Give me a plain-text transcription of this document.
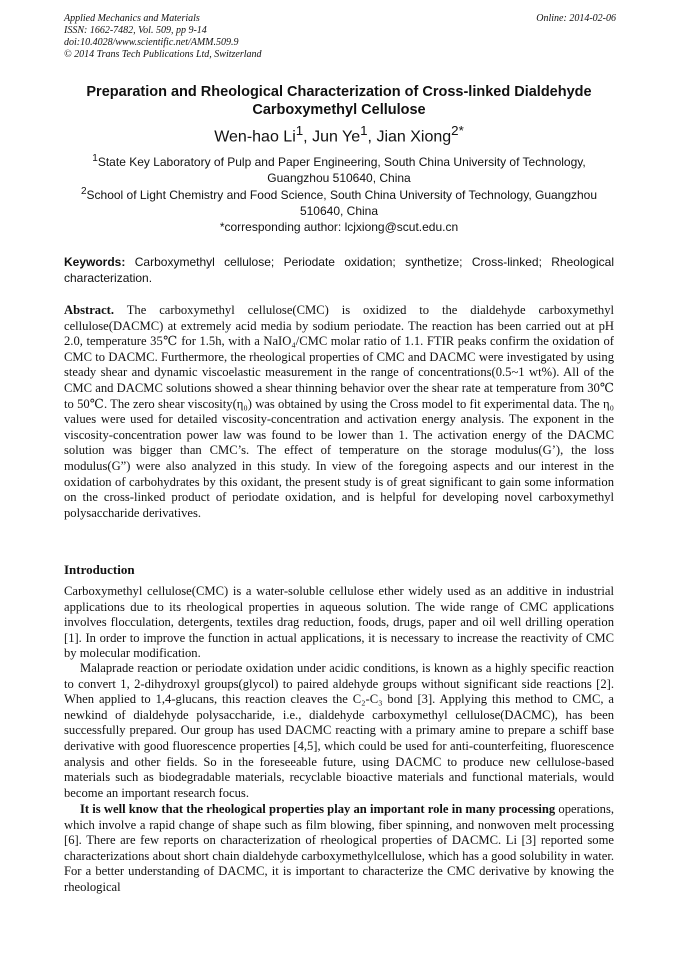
Applied Mechanics and Materials
ISSN: 1662-7482, Vol. 509, pp 9-14
doi:10.4028/www.scientific.net/AMM.509.9
© 2014 Trans Tech Publications Ltd, Switzerland
Online: 2014-02-06
Preparation and Rheological Characterization of Cross-linked Dialdehyde Carboxymethyl Cellulose
Wen-hao Li$^1$, Jun Ye$^1$, Jian Xiong$^{2*}$
$^1$State Key Laboratory of Pulp and Paper Engineering, South China University of Technology, Guangzhou 510640, China
$^2$School of Light Chemistry and Food Science, South China University of Technology, Guangzhou 510640, China
*corresponding author: lcjxiong@scut.edu.cn
Keywords: Carboxymethyl cellulose; Periodate oxidation; synthetize; Cross-linked; Rheological characterization.

Abstract. The carboxymethyl cellulose(CMC) is oxidized to the dialdehyde carboxymethyl cellulose(DACMC) at extremely acid media by sodium periodate. The reaction has been carried out at pH 2.0, temperature 35℃ for 1.5h, with a NaIO₄/CMC molar ratio of 1.1. FTIR peaks confirm the oxidation of CMC to DACMC. Furthermore, the rheological properties of CMC and DACMC were investigated by using steady shear and dynamic viscoelastic measurement in the range of concentrations(0.5~1 wt%). All of the CMC and DACMC solutions showed a shear thinning behavior over the shear rate at temperature from 30℃ to 50℃. The zero shear viscosity(η₀) was obtained by using the Cross model to fit experimental data. The η₀ values were used for detailed viscosity-concentration and activation energy analysis. The exponent in the viscosity-concentration power law was found to be lower than 1. The activation energy of the DACMC solution was bigger than CMC’s. The effect of temperature on the storage modulus(G’), the loss modulus(G”) were also analyzed in this study. In view of the foregoing aspects and our interest in the oxidation of carbohydrates by this oxidant, the present study is of great significant to gain some information on the cross-linked product of periodate oxidation, and is helpful for developing novel carboxymethyl polysaccharide derivatives.

Introduction

Carboxymethyl cellulose(CMC) is a water-soluble cellulose ether widely used as an additive in industrial applications due to its rheological properties in aqueous solution. The wide range of CMC applications involves flocculation, detergents, textiles drag reduction, foods, drugs, paper and oil well drilling operation [1]. In order to improve the function in actual applications, it is necessary to increase the reactivity of CMC by molecular modification.

Malaprade reaction or periodate oxidation under acidic conditions, is known as a highly specific reaction to convert 1, 2-dihydroxyl groups(glycol) to paired aldehyde groups without significant side reactions [2]. When applied to 1,4-glucans, this reaction cleaves the C₂-C₃ bond [3]. Applying this method to CMC, a newkind of dialdehyde polysaccharide, i.e., dialdehyde carboxymethyl cellulose(DACMC), has been successfully prepared. Our group has used DACMC reacting with a primary amine to prepare a schiff base derivative with good fluorescence properties [4,5], which could be used for anti-counterfeiting, fluorescence analysis and other fields. So in the foreseeable future, using DACMC to produce new cellulose-based materials such as biodegradable materials, recyclable bioactive materials and functional materials, would become an important research focus.

It is well know that the rheological properties play an important role in many processing operations, which involve a rapid change of shape such as film blowing, fiber spinning, and nonwoven melt processing [6]. There are few reports on characterization of rheological properties of DACMC. Li [3] reported some characterizations about short chain dialdehyde carboxymethylcellulose, which has a good solubility in water. For a better understanding of DACMC, it is important to characterize the CMC derivative by knowing the rheological
